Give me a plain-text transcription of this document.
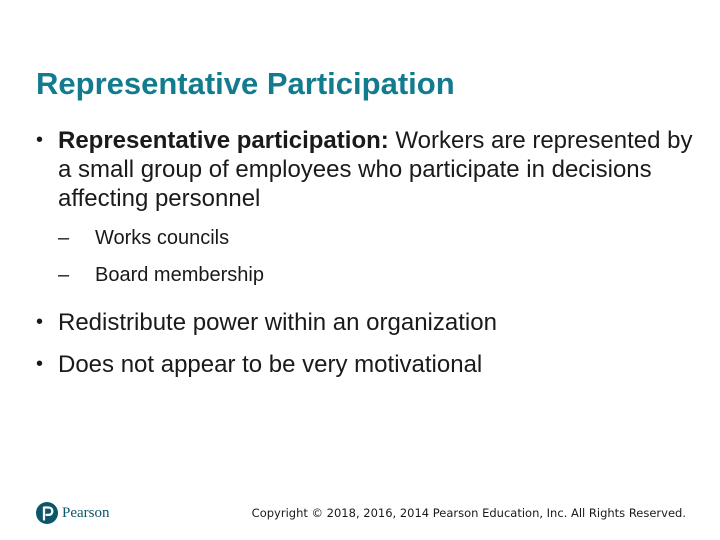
Representative Participation
• Representative participation: Workers are represented by a small group of employees who participate in decisions affecting personnel
– Works councils
– Board membership
• Redistribute power within an organization
• Does not appear to be very motivational
Pearson	Copyright © 2018, 2016, 2014 Pearson Education, Inc. All Rights Reserved.
